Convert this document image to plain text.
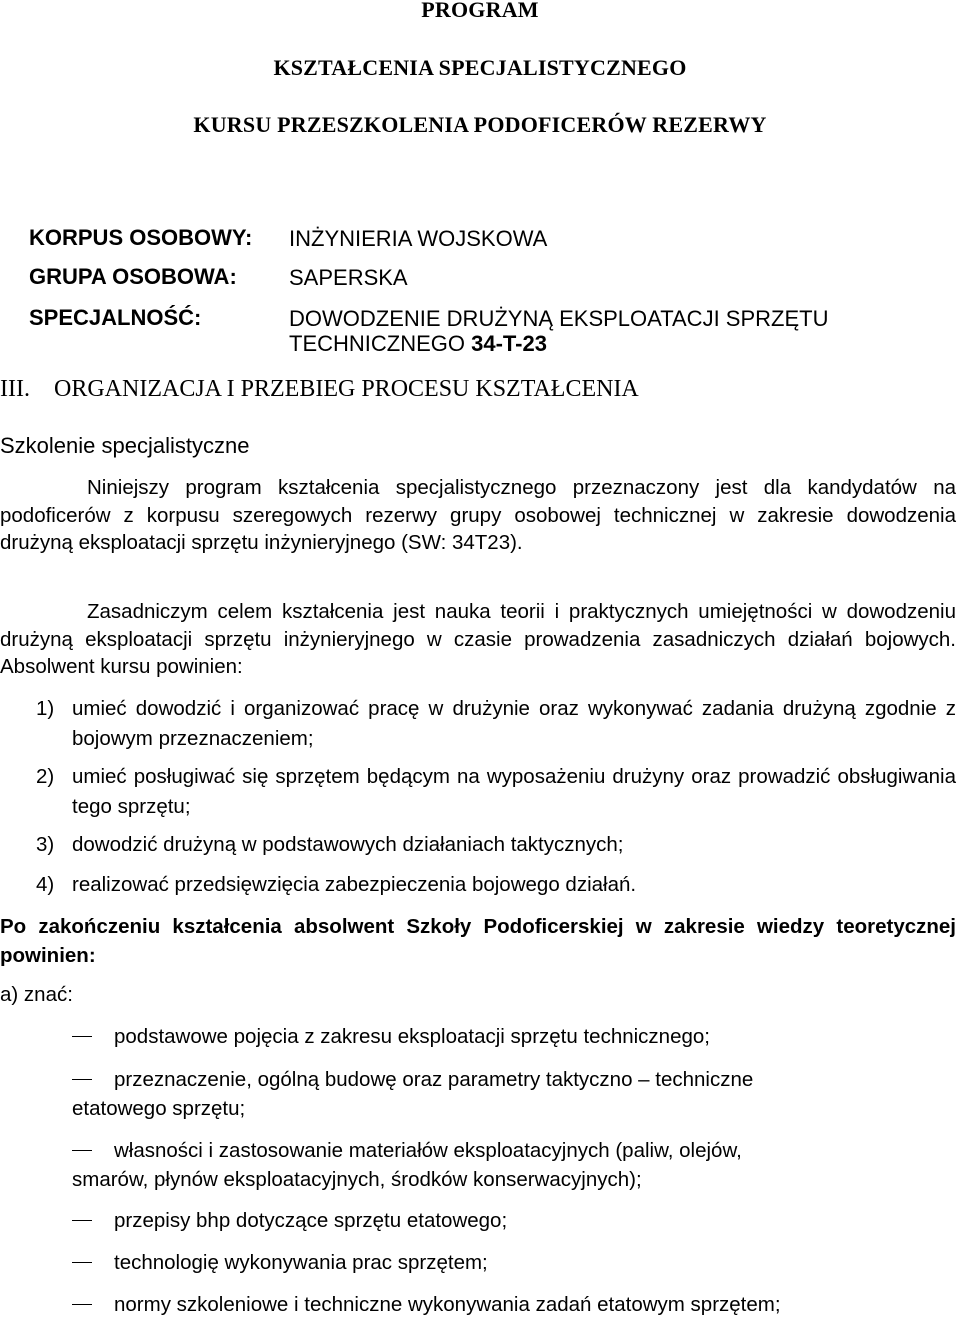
PROGRAM
KSZTAŁCENIA SPECJALISTYCZNEGO
KURSU PRZESZKOLENIA PODOFICERÓW REZERWY
KORPUS OSOBOWY: INŻYNIERIA WOJSKOWA
GRUPA OSOBOWA: SAPERSKA
SPECJALNOŚĆ:	DOWODZENIE DRUŻYNĄ EKSPLOATACJI SPRZĘTU
TECHNICZNEGO 34-T-23
III. ORGANIZACJA I PRZEBIEG PROCESU KSZTAŁCENIA
Szkolenie specjalistyczne
Niniejszy program kształcenia specjalistycznego przeznaczony jest dla kandydatów na podoficerów z korpusu szeregowych rezerwy grupy osobowej technicznej w zakresie dowodzenia drużyną eksploatacji sprzętu inżynieryjnego (SW: 34T23).
Zasadniczym celem kształcenia jest nauka teorii i praktycznych umiejętności w dowodzeniu drużyną eksploatacji sprzętu inżynieryjnego w czasie prowadzenia zasadniczych działań bojowych. Absolwent kursu powinien:
1) umieć dowodzić i organizować pracę w drużynie oraz wykonywać zadania drużyną zgodnie z bojowym przeznaczeniem;
2) umieć posługiwać się sprzętem będącym na wyposażeniu drużyny oraz prowadzić obsługiwania tego sprzętu;
3) dowodzić drużyną w podstawowych działaniach taktycznych;
4) realizować przedsięwzięcia zabezpieczenia bojowego działań.
Po zakończeniu kształcenia absolwent Szkoły Podoficerskiej w zakresie wiedzy teoretycznej powinien:
a) znać:
podstawowe pojęcia z zakresu eksploatacji sprzętu technicznego;
przeznaczenie, ogólną budowę oraz parametry taktyczno – techniczne
etatowego sprzętu;
własności i zastosowanie materiałów eksploatacyjnych (paliw, olejów,
smarów, płynów eksploatacyjnych, środków konserwacyjnych);
przepisy bhp dotyczące sprzętu etatowego;
technologię wykonywania prac sprzętem;
normy szkoleniowe i techniczne wykonywania zadań etatowym sprzętem;
